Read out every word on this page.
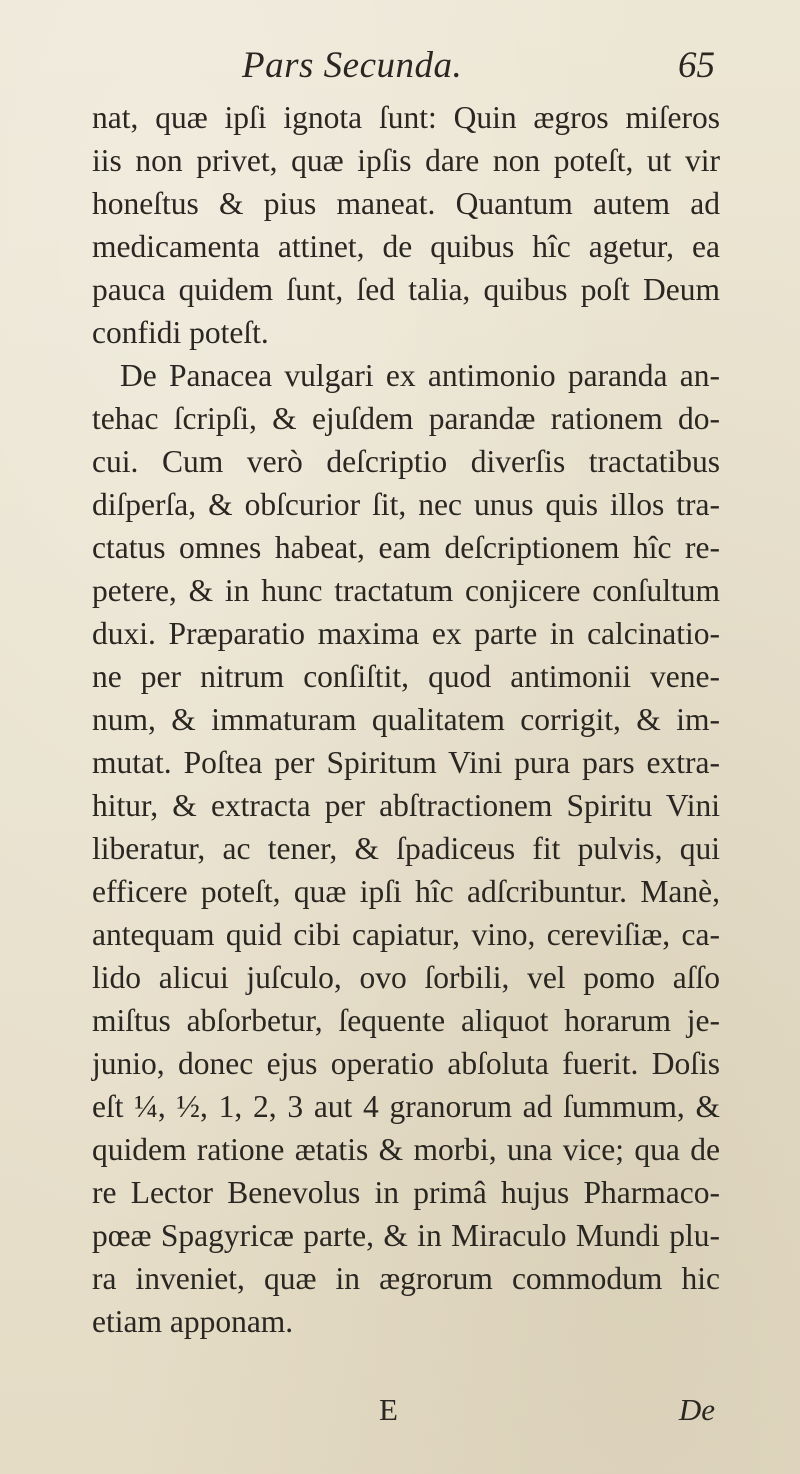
Pars Secunda.	65
nat, quæ ipſi ignota ſunt: Quin ægros miſeros
iis non privet, quæ ipſis dare non poteſt, ut vir
honeſtus & pius maneat. Quantum autem ad
medicamenta attinet, de quibus hîc agetur, ea
pauca quidem ſunt, ſed talia, quibus poſt Deum
confidi poteſt.
De Panacea vulgari ex antimonio paranda an-
tehac ſcripſi, & ejuſdem parandæ rationem do-
cui. Cum verò deſcriptio diverſis tractatibus
diſperſa, & obſcurior ſit, nec unus quis illos tra-
ctatus omnes habeat, eam deſcriptionem hîc re-
petere, & in hunc tractatum conjicere conſultum
duxi. Præparatio maxima ex parte in calcinatio-
ne per nitrum conſiſtit, quod antimonii vene-
num, & immaturam qualitatem corrigit, & im-
mutat. Poſtea per Spiritum Vini pura pars extra-
hitur, & extracta per abſtractionem Spiritu Vini
liberatur, ac tener, & ſpadiceus fit pulvis, qui
efficere poteſt, quæ ipſi hîc adſcribuntur. Manè,
antequam quid cibi capiatur, vino, cereviſiæ, ca-
lido alicui juſculo, ovo ſorbili, vel pomo aſſo
miſtus abſorbetur, ſequente aliquot horarum je-
junio, donec ejus operatio abſoluta fuerit. Doſis
eſt ¼, ½, 1, 2, 3 aut 4 granorum ad ſummum, &
quidem ratione ætatis & morbi, una vice; qua de
re Lector Benevolus in primâ hujus Pharmaco-
pœæ Spagyricæ parte, & in Miraculo Mundi plu-
ra inveniet, quæ in ægrorum commodum hic
etiam apponam.
E	De
